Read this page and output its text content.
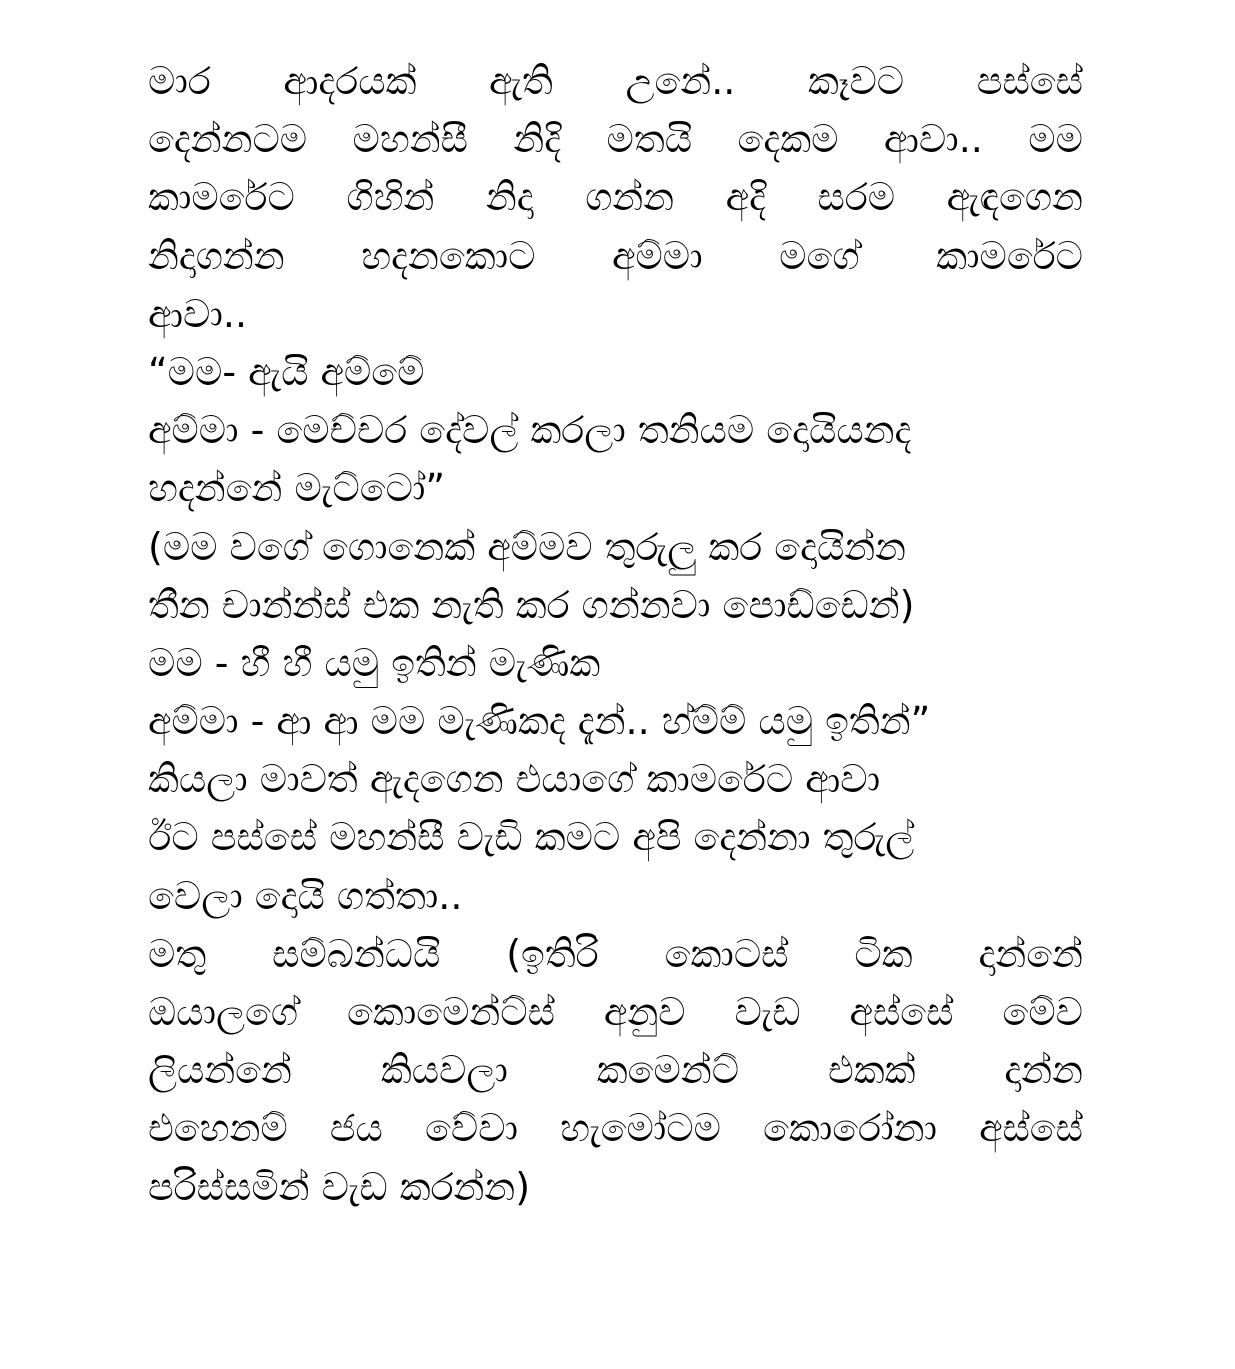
මාර ආදරයක් ඇති උනේ.. කෑවට පස්සේ
දෙන්නටම මහන්සී නිදි මතයි දෙකම ආවා.. මම
කාමරේට ගිහින් නිදා ගන්න අදි සරම ඇඳගෙන
නිදාගන්න හදනකොට අම්මා මගේ කාමරේට
ආවා..
“මම- ඇයි අම්මේ
අම්මා - මෙච්චර දේවල් කරලා තනියම දොයියනද
හදන්නේ මැට්ටෝ”
(මම වගේ ගොනෙක් අම්මව තුරුලු කර දොයින්න
තීන චාන්න්ස් එක නැති කර ගන්නවා පොඩ්ඩෙන්)
මම - හී හී යමු ඉතින් මැණික
අම්මා - ආ ආ මම මැණිකද දැන්.. හ්ම්ම් යමු ඉතින්”
කියලා මාවත් ඇදගෙන එයාගේ කාමරේට ආවා
ඊට පස්සේ මහන්සී වැඩි කමට අපි දෙන්නා තුරුල්
වෙලා දොයි ගත්තා..
මතු සම්බන්ධයි (ඉතිරි කොටස් ටික දාන්නේ
ඔයාලගේ කොමෙන්ට්ස් අනුව වැඩ අස්සේ මේව
ලියන්නේ කියවලා කමෙන්ට් එකක් දාන්න
එහෙනම් ජය වේවා හැමෝටම කොරෝනා අස්සේ
පරිස්සමින් වැඩ කරන්න)
